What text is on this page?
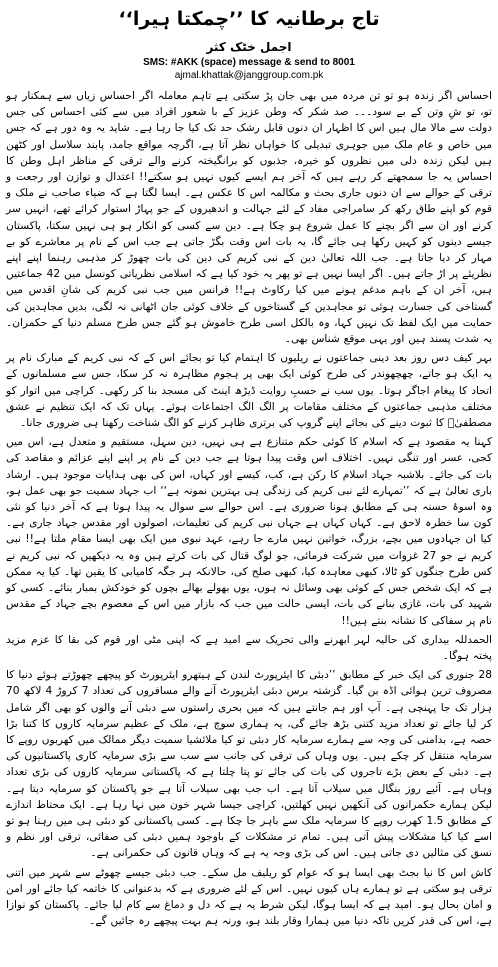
تاج برطانیہ کا ’’چمکتا ہیرا‘‘
اجمل خٹک کثر
SMS: #AKK (space) message & send to 8001
ajmal.khattak@janggroup.com.pk

احساس اگر زندہ ہو تو تن مردہ میں بھی جان پڑ سکتی ہے تاہم معاملہ اگر احساس زیاں سے ہمکنار ہو تو، تو شِ وتن کے بے سود۔۔۔ صد شکر کہ وطن عزیز کے با شعور افراد میں سے کئی احساس کی جس دولت سے مالا مال ہیں اس کا اظہار ان دنوں قابل رشک حد تک کیا جا رہا ہے۔ شاید یہ وہ دور ہے کہ جس میں خاص و عام ملک میں جوہری تبدیلی کا خواہاں نظر آتا ہے، اگرچہ مواقع جامد، پابند سلاسل اور کٹھن ہیں لیکن زندہ دلی میں نظروں کو خیرہ، جذبوں کو برانگیختہ کرنے والے ترقی کے مناظر اہل وطن کا احساس یہ جا سمجھتے کر رہے ہیں کہ آخر ہم ایسے کیوں نہیں ہو سکتے!! اعتدال و توازن اور رجعت و ترقی کے حوالے سے ان دنوں جاری بحث و مکالمہ اس کا عکس ہے۔ ایسا لگتا ہے کہ ضیاء صاحب نے ملک و قوم کو اپنے طاق رکھ کر سامراجی مفاد کے لئے جہالت و اندھیروں کے جو پہاڑ استوار کرائے تھے، انہیں سر کرنے اور ان سے اگر بچنے کا عمل شروع ہو چکا ہے۔ دین سے کسی کو انکار ہو ہی نہیں سکتا، پاکستان جیسے دینوں کو کہیں رکھا ہی جائے گا، یہ بات اس وقت بگڑ جاتی ہے جب اس کے نام پر معاشرے کو بے مہار کر دیا جاتا ہے۔ جب اللہ تعالیٰ دین کے نبی کریم کی دین کی بات چھوڑ کر مذہبی رہنما اپنے اپنے نظریئے پر اڑ جاتے ہیں۔ اگر ایسا نہیں ہے تو پھر یہ خود کیا ہے کہ اسلامی نظریاتی کونسل میں 42 جماعتیں ہیں، آخر ان کے باہم مدغم ہونے میں کیا رکاوٹ ہے!! فرانس میں جب نبی کریم کی شانِ اقدس میں گستاخی کی جسارت ہوئی تو مجاہدین کے گستاخوں کے خلاف کوئی جان اٹھانی نہ لگی، بدیں مجاہدین کی حمایت میں ایک لفظ تک نہیں کہا، وہ بالکل اسی طرح خاموش ہو گئے جس طرح مسلم دنیا کے حکمران۔ یہ شدت پسند ہیں اور یہی موقع شناس بھی۔

بہر کیف دس روز بعد دینی جماعتوں نے ریلیوں کا اہتمام کیا تو بجائے اس کے کہ نبی کریم کے مبارک نام پر یہ ایک ہو جاتے، چھچھوندر کی طرح کوئی ایک بھی پر ہجوم مظاہرہ نہ کر سکا، جس سے مسلمانوں کے اتحاد کا پیغام اجاگر ہوتا۔ یوں سب نے حسبِ روایت ڈیڑھ اینٹ کی مسجد بنا کر رکھی۔ کراچی میں اتوار کو مختلف مذہبی جماعتوں کے مختلف مقامات پر الگ الگ اجتماعات ہوئے۔ یہاں تک کہ ایک تنظیم نے عشق مصطفیٰؐ کا ثبوت دینے کی بجائے اپنے گروپ کی برتری ظاہر کرنے کو الگ شناخت رکھنا ہی ضروری جانا۔

کہنا یہ مقصود ہے کہ اسلام کا کوئی حکم متنازع ہے ہی نہیں، دین سہل، مستقیم و متعدل ہے، اس میں کجی، عسر اور تنگی نہیں۔ اختلاف اس وقت پیدا ہوتا ہے جب دین کے نام پر اپنے اپنے عزائم و مقاصد کی بات کی جائے۔ بلاشبہ جہاد اسلام کا رکن ہے، کب، کیسے اور کہاں، اس کی بھی ہدایات موجود ہیں۔ ارشاد باری تعالیٰ ہے کہ ’’تمہارے لئے نبی کریم کی زندگی ہی بہترین نمونہ ہے‘‘ اب جہاد سمیت جو بھی عمل ہو، وہ اسوۂ حسنہ ہی کے مطابق ہونا ضروری ہے۔ اس حوالے سے سوال یہ پیدا ہوتا ہے کہ آخر دنیا کو نئی کون سا خطرہ لاحق ہے۔ کہاں کہاں ہے جہاں نبی کریم کی تعلیمات، اصولوں اور مقدس جہاد جاری ہے۔ کیا ان جہادوں میں بچے، بزرگ، خواتین نہیں مارے جا رہے، عہد نبوی میں ایک بھی ایسا مقام ملتا ہے!! نبی کریم نے جو 27 غزوات میں شرکت فرمائی، جو لوگ قتال کی بات کرتے ہیں وہ یہ دیکھیں کہ نبی کریم نے کس طرح جنگوں کو ٹالا، کبھی معاہدہ کیا، کبھی صلح کی، حالانکہ ہر جگہ کامیابی کا یقین تھا۔ کیا یہ ممکن ہے کہ ایک شخص جس کے کوئی بھی وسائل نہ ہوں، یوں بھولے بھالے بچوں کو خودکش بمبار بنائے۔ کسی کو شہید کی بات، غازی بنانے کی بات، ایسی حالت میں جب کہ بازار میں اس کے معصوم بچے جہاد کے مقدس نام پر سفاکی کا نشانہ بنتے ہیں!!

الحمدللہ بیداری کی حالیہ لہر ابھرنے والی تحریک سے امید ہے کہ اپنی مٹی اور قوم کی بقا کا عزم مزید پختہ ہوگا۔

28 جنوری کی ایک خبر کے مطابق ’’دبئی کا ایئرپورٹ لندن کے ہیتھرو ایئرپورٹ کو پیچھے چھوڑتے ہوئے دنیا کا مصروف ترین ہوائی اڈہ بن گیا۔ گزشتہ برس دبئی ایئرپورٹ آنے والے مسافروں کی تعداد 7 کروڑ 4 لاکھ 70 ہزار تک جا پہنچی ہے۔ آپ اور ہم جانتے ہیں کہ میں بحری راستوں سے دبئی آنے والوں کو بھی اگر شامل کر لیا جائے تو تعداد مزید کتنی بڑھ جائے گی، یہ ہماری سوچ ہے، ملک کے عظیم سرمایہ کاروں کا کتنا بڑا حصہ ہے، بدامنی کی وجہ سے ہمارے سرمایہ کار دبئی تو کیا ملائشیا سمیت دیگر ممالک میں کھربوں روپے کا سرمایہ منتقل کر چکے ہیں۔ یوں وہاں کی ترقی کی جانب سے سب سے بڑی سرمایہ کاری پاکستانیوں کی ہے۔ دبئی کے بعض بڑے تاجروں کی بات کی جائے تو پتا چلتا ہے کہ پاکستانی سرمایہ کاروں کی بڑی تعداد وہاں ہے۔ آئیے روز بنگال میں سیلاب آتا ہے۔ اب جب بھی سیلاب آتا ہے جو پاکستان کو سرمایہ دیتا ہے۔ لیکن ہمارے حکمرانوں کی آنکھیں نہیں کھلتیں، کراچی جیسا شہر خون میں نہا رہا ہے۔ ایک محتاط اندازے کے مطابق 1.5 کھرب روپے کا سرمایہ ملک سے باہر جا چکا ہے۔ کسی پاکستانی کو دبئی ہی میں رہنا ہو تو اسے کیا کیا مشکلات پیش آتی ہیں۔ تمام تر مشکلات کے باوجود ہمیں دبئی کی صفائی، ترقی اور نظم و نسق کی مثالیں دی جاتی ہیں۔ اس کی بڑی وجہ یہ ہے کہ وہاں قانون کی حکمرانی ہے۔

کاش اس کا نیا بجٹ بھی ایسا ہو کہ عوام کو ریلیف مل سکے۔ جب دبئی جیسے چھوٹے سے شہر میں اتنی ترقی ہو سکتی ہے تو ہمارے ہاں کیوں نہیں۔ اس کے لئے ضروری ہے کہ بدعنوانی کا خاتمہ کیا جائے اور امن و امان بحال ہو۔ امید ہے کہ ایسا ہوگا، لیکن شرط یہ ہے کہ دل و دماغ سے کام لیا جائے۔ پاکستان کو نوازا ہے، اس کی قدر کریں تاکہ دنیا میں ہمارا وقار بلند ہو، ورنہ ہم بہت پیچھے رہ جائیں گے۔
